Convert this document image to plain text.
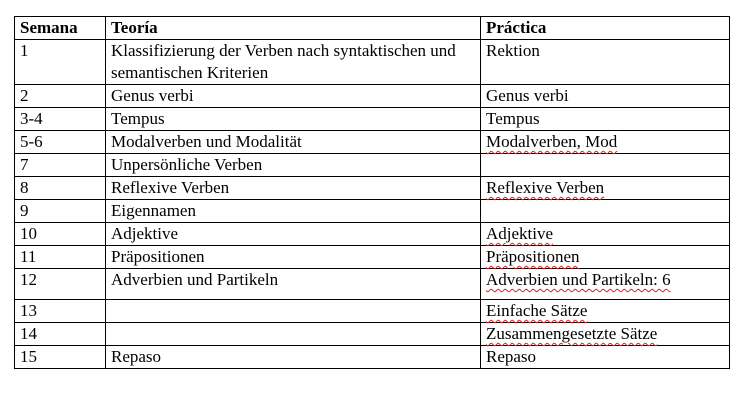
Semana	Teoría	Práctica
1	Klassifizierung der Verben nach syntaktischen und semantischen Kriterien	Rektion
2	Genus verbi	Genus verbi
3-4	Tempus	Tempus
5-6	Modalverben und Modalität	Modalverben, Mod
7	Unpersönliche Verben	
8	Reflexive Verben	Reflexive Verben
9	Eigennamen	
10	Adjektive	Adjektive
11	Präpositionen	Präpositionen
12	Adverbien und Partikeln	Adverbien und Partikeln: 6
13		Einfache Sätze
14		Zusammengesetzte Sätze
15	Repaso	Repaso
